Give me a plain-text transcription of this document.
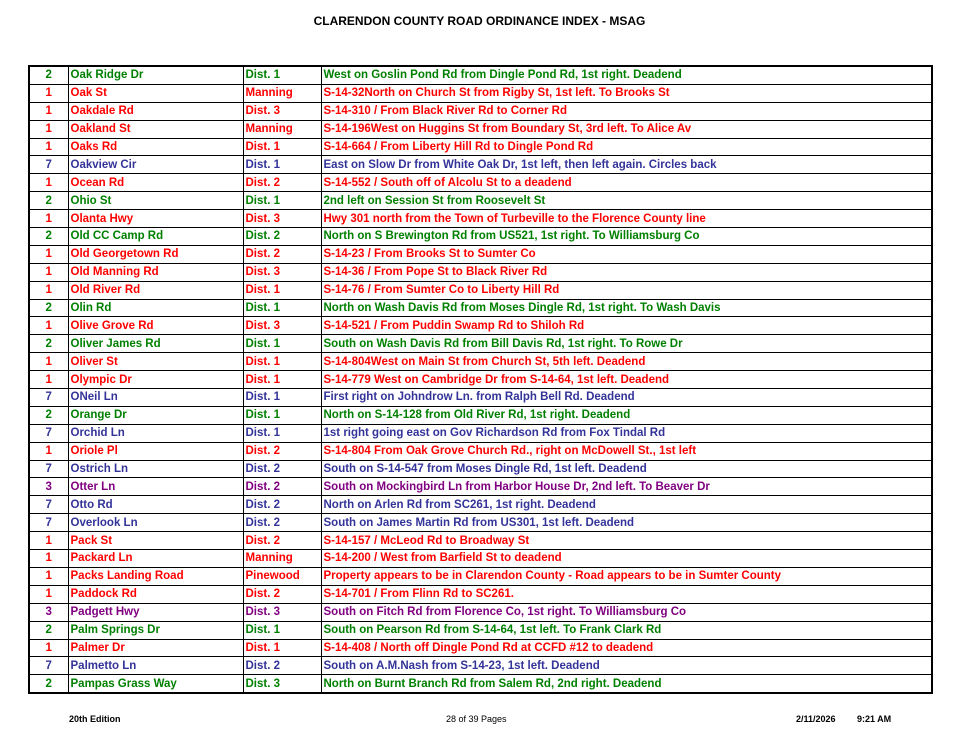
CLARENDON COUNTY ROAD ORDINANCE INDEX - MSAG
2	Oak Ridge Dr	Dist. 1	West on Goslin Pond Rd from Dingle Pond Rd, 1st right. Deadend
1	Oak St	Manning	S-14-32North on Church St from Rigby St, 1st left. To Brooks St
1	Oakdale Rd	Dist. 3	S-14-310 / From Black River Rd to Corner Rd
1	Oakland St	Manning	S-14-196West on Huggins St from Boundary St, 3rd left. To Alice Av
1	Oaks Rd	Dist. 1	S-14-664 / From Liberty Hill Rd to Dingle Pond Rd
7	Oakview Cir	Dist. 1	East on Slow Dr from White Oak Dr, 1st left, then left again. Circles back
1	Ocean Rd	Dist. 2	S-14-552 / South off of Alcolu St to a deadend
2	Ohio St	Dist. 1	2nd left on Session St from Roosevelt St
1	Olanta Hwy	Dist. 3	Hwy 301 north from the Town of Turbeville to the Florence County line
2	Old CC Camp Rd	Dist. 2	North on S Brewington Rd from US521, 1st right. To Williamsburg Co
1	Old Georgetown Rd	Dist. 2	S-14-23 / From Brooks St to Sumter Co
1	Old Manning Rd	Dist. 3	S-14-36 / From Pope St to Black River Rd
1	Old River Rd	Dist. 1	S-14-76 / From Sumter Co to Liberty Hill Rd
2	Olin Rd	Dist. 1	North on Wash Davis Rd from Moses Dingle Rd, 1st right. To Wash Davis
1	Olive Grove Rd	Dist. 3	S-14-521 / From Puddin Swamp Rd to Shiloh Rd
2	Oliver James Rd	Dist. 1	South on Wash Davis Rd from Bill Davis Rd, 1st right. To Rowe Dr
1	Oliver St	Dist. 1	S-14-804West on Main St from Church St, 5th left. Deadend
1	Olympic Dr	Dist. 1	S-14-779 West on Cambridge Dr from S-14-64, 1st left. Deadend
7	ONeil Ln	Dist. 1	First right on Johndrow Ln. from Ralph Bell Rd. Deadend
2	Orange Dr	Dist. 1	North on S-14-128 from Old River Rd, 1st right. Deadend
7	Orchid Ln	Dist. 1	1st right going east on Gov Richardson Rd from Fox Tindal Rd
1	Oriole Pl	Dist. 2	S-14-804 From Oak Grove Church Rd., right on McDowell St., 1st left
7	Ostrich Ln	Dist. 2	South on S-14-547 from Moses Dingle Rd, 1st left. Deadend
3	Otter Ln	Dist. 2	South on Mockingbird Ln from Harbor House Dr, 2nd left. To Beaver Dr
7	Otto Rd	Dist. 2	North on Arlen Rd from SC261, 1st right. Deadend
7	Overlook Ln	Dist. 2	South on James Martin Rd from US301, 1st left. Deadend
1	Pack St	Dist. 2	S-14-157 / McLeod Rd to Broadway St
1	Packard Ln	Manning	S-14-200 / West from Barfield St to deadend
1	Packs Landing Road	Pinewood	Property appears to be in Clarendon County - Road appears to be in Sumter County
1	Paddock Rd	Dist. 2	S-14-701 / From Flinn Rd to SC261.
3	Padgett Hwy	Dist. 3	South on Fitch Rd from Florence Co, 1st right. To Williamsburg Co
2	Palm Springs Dr	Dist. 1	South on Pearson Rd from S-14-64, 1st left. To Frank Clark Rd
1	Palmer Dr	Dist. 1	S-14-408 / North off Dingle Pond Rd at CCFD #12 to deadend
7	Palmetto Ln	Dist. 2	South on A.M.Nash from S-14-23, 1st left. Deadend
2	Pampas Grass Way	Dist. 3	North on Burnt Branch Rd from Salem Rd, 2nd right. Deadend
20th Edition	28 of 39 Pages	2/11/2026 9:21 AM
